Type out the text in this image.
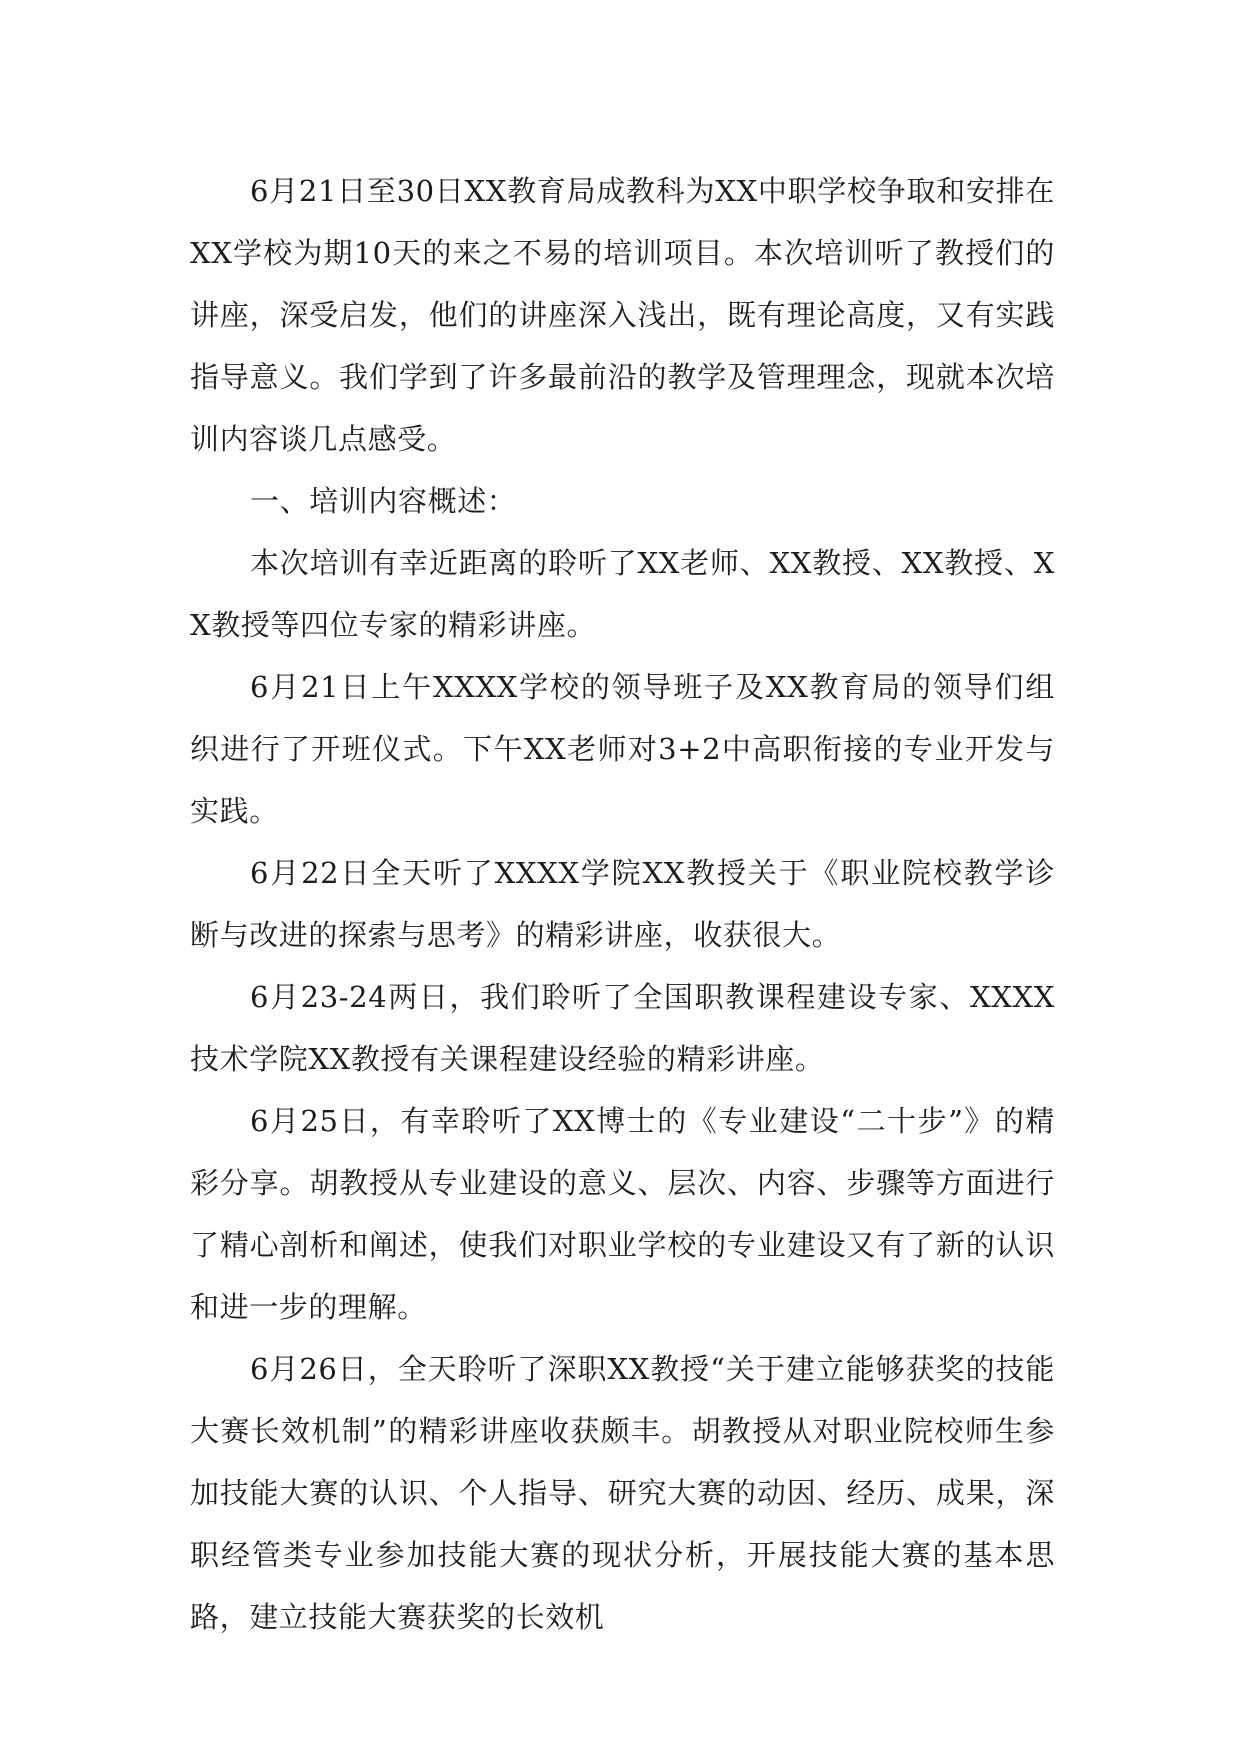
6月21日至30日XX教育局成教科为XX中职学校争取和安排在XX学校为期10天的来之不易的培训项目。本次培训听了教授们的讲座，深受启发，他们的讲座深入浅出，既有理论高度，又有实践指导意义。我们学到了许多最前沿的教学及管理理念，现就本次培训内容谈几点感受。

一、培训内容概述：

本次培训有幸近距离的聆听了XX老师、XX教授、XX教授、XX教授等四位专家的精彩讲座。

6月21日上午XXXX学校的领导班子及XX教育局的领导们组织进行了开班仪式。下午XX老师对3+2中高职衔接的专业开发与实践。

6月22日全天听了XXXX学院XX教授关于《职业院校教学诊断与改进的探索与思考》的精彩讲座，收获很大。

6月23-24两日，我们聆听了全国职教课程建设专家、XXXX技术学院XX教授有关课程建设经验的精彩讲座。

6月25日，有幸聆听了XX博士的《专业建设“二十步”》的精彩分享。胡教授从专业建设的意义、层次、内容、步骤等方面进行了精心剖析和阐述，使我们对职业学校的专业建设又有了新的认识和进一步的理解。

6月26日，全天聆听了深职XX教授“关于建立能够获奖的技能大赛长效机制”的精彩讲座收获颇丰。胡教授从对职业院校师生参加技能大赛的认识、个人指导、研究大赛的动因、经历、成果，深职经管类专业参加技能大赛的现状分析，开展技能大赛的基本思路，建立技能大赛获奖的长效机
